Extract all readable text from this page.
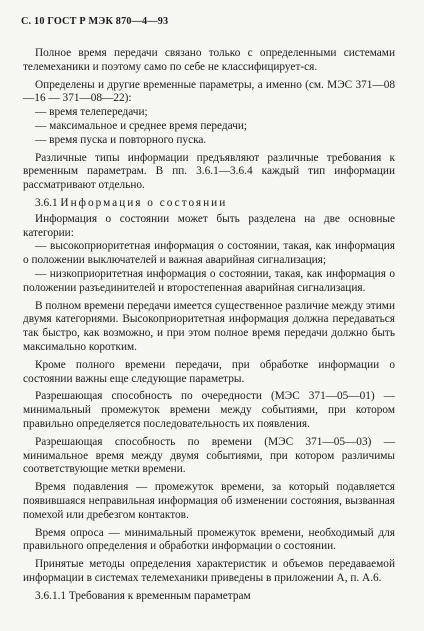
С. 10 ГОСТ Р МЭК 870—4—93

Полное время передачи связано только с определенными системами телемеханики и поэтому само по себе не классифицирует-ся.

Определены и другие временные параметры, а именно (см. МЭС 371—08—16 — 371—08—22):

— время телепередачи;
— максимальное и среднее время передачи;
— время пуска и повторного пуска.

Различные типы информации предъявляют различные требования к временным параметрам. В пп. 3.6.1—3.6.4 каждый тип информации рассматривают отдельно.

3.6.1 Информация о состоянии

Информация о состоянии может быть разделена на две основные категории:

— высокоприоритетная информация о состоянии, такая, как информация о положении выключателей и важная аварийная сигнализация;
— низкоприоритетная информация о состоянии, такая, как информация о положении разъединителей и второстепенная аварийная сигнализация.

В полном времени передачи имеется существенное различие между этими двумя категориями. Высокоприоритетная информация должна передаваться так быстро, как возможно, и при этом полное время передачи должно быть максимально коротким.

Кроме полного времени передачи, при обработке информации о состоянии важны еще следующие параметры.

Разрешающая способность по очередности (МЭС 371—05—01) — минимальный промежуток времени между событиями, при котором правильно определяется последовательность их появления.

Разрешающая способность по времени (МЭС 371—05—03) — минимальное время между двумя событиями, при котором различимы соответствующие метки времени.

Время подавления — промежуток времени, за который подавляется появившаяся неправильная информация об изменении состояния, вызванная помехой или дребезгом контактов.

Время опроса — минимальный промежуток времени, необходимый для правильного определения и обработки информации о состоянии.

Принятые методы определения характеристик и объемов передаваемой информации в системах телемеханики приведены в приложении А, п. А.6.

3.6.1.1 Требования к временным параметрам
